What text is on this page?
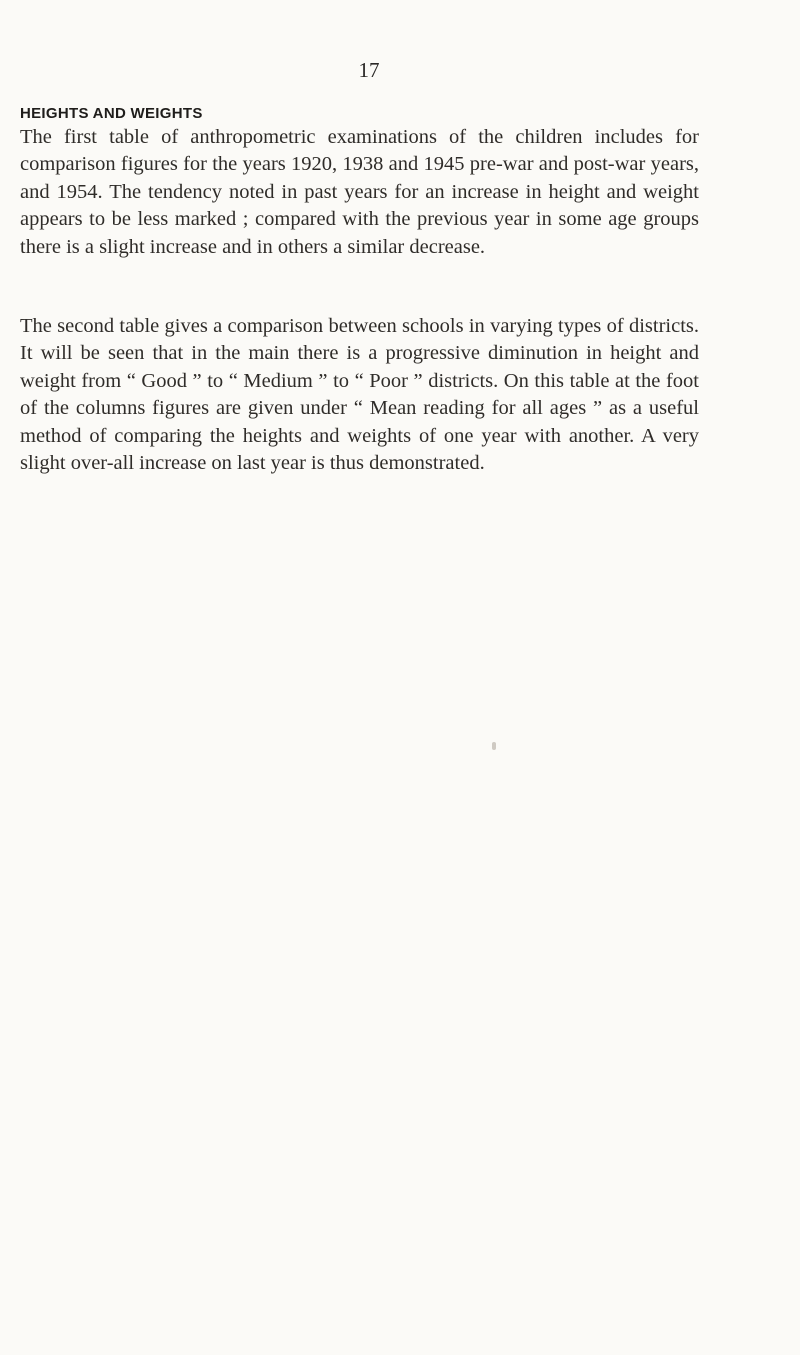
17
HEIGHTS AND WEIGHTS

The first table of anthropometric examinations of the children includes for comparison figures for the years 1920, 1938 and 1945 pre-war and post-war years, and 1954. The tendency noted in past years for an increase in height and weight appears to be less marked ; compared with the previous year in some age groups there is a slight increase and in others a similar decrease.

The second table gives a comparison between schools in varying types of districts. It will be seen that in the main there is a progressive diminution in height and weight from “ Good ” to “ Medium ” to “ Poor ” districts. On this table at the foot of the columns figures are given under “ Mean reading for all ages ” as a useful method of comparing the heights and weights of one year with another. A very slight over-all increase on last year is thus demonstrated.
